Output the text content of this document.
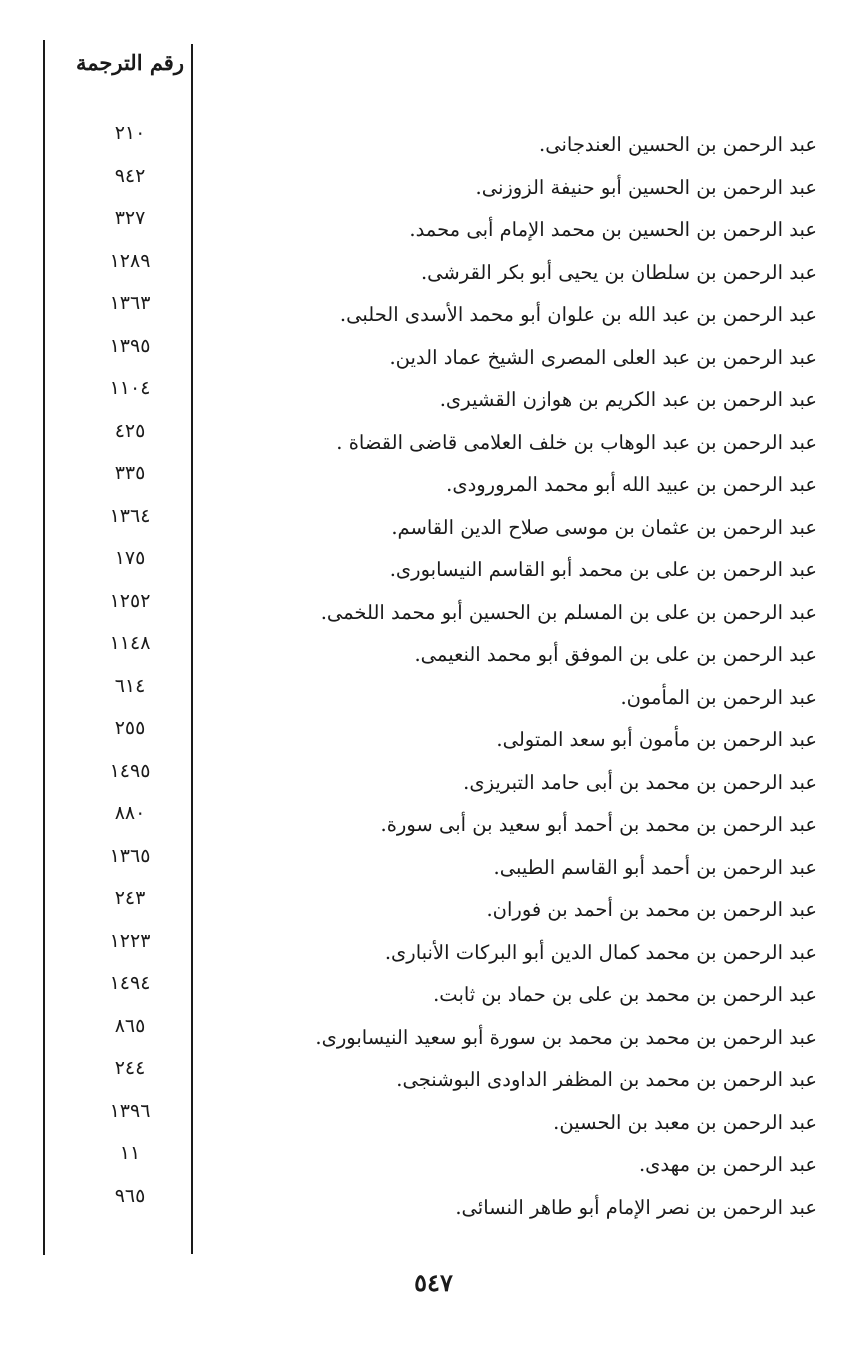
رقم الترجمة
٢١٠
٩٤٢
٣٢٧
١٢٨٩
١٣٦٣
١٣٩٥
١١٠٤
٤٢٥
٣٣٥
١٣٦٤
١٧٥
١٢٥٢
١١٤٨
٦١٤
٢٥٥
١٤٩٥
٨٨٠
١٣٦٥
٢٤٣
١٢٢٣
١٤٩٤
٨٦٥
٢٤٤
١٣٩٦
١١
٩٦٥
عبد الرحمن بن الحسين العندجانى.
عبد الرحمن بن الحسين أبو حنيفة الزوزنى.
عبد الرحمن بن الحسين بن محمد الإمام أبى محمد.
عبد الرحمن بن سلطان بن يحيى أبو بكر القرشى.
عبد الرحمن بن عبد الله بن علوان أبو محمد الأسدى الحلبى.
عبد الرحمن بن عبد العلى المصرى الشيخ عماد الدين.
عبد الرحمن بن عبد الكريم بن هوازن القشيرى.
عبد الرحمن بن عبد الوهاب بن خلف العلامى قاضى القضاة .
عبد الرحمن بن عبيد الله أبو محمد المرورودى.
عبد الرحمن بن عثمان بن موسى صلاح الدين القاسم.
عبد الرحمن بن على بن محمد أبو القاسم النيسابورى.
عبد الرحمن بن على بن المسلم بن الحسين أبو محمد اللخمى.
عبد الرحمن بن على بن الموفق أبو محمد النعيمى.
عبد الرحمن بن المأمون.
عبد الرحمن بن مأمون أبو سعد المتولى.
عبد الرحمن بن محمد بن أبى حامد التبريزى.
عبد الرحمن بن محمد بن أحمد أبو سعيد بن أبى سورة.
عبد الرحمن بن أحمد أبو القاسم الطيبى.
عبد الرحمن بن محمد بن أحمد بن فوران.
عبد الرحمن بن محمد كمال الدين أبو البركات الأنبارى.
عبد الرحمن بن محمد بن على بن حماد بن ثابت.
عبد الرحمن بن محمد بن محمد بن سورة أبو سعيد النيسابورى.
عبد الرحمن بن محمد بن المظفر الداودى البوشنجى.
عبد الرحمن بن معبد بن الحسين.
عبد الرحمن بن مهدى.
عبد الرحمن بن نصر الإمام أبو طاهر النسائى.
٥٤٧
